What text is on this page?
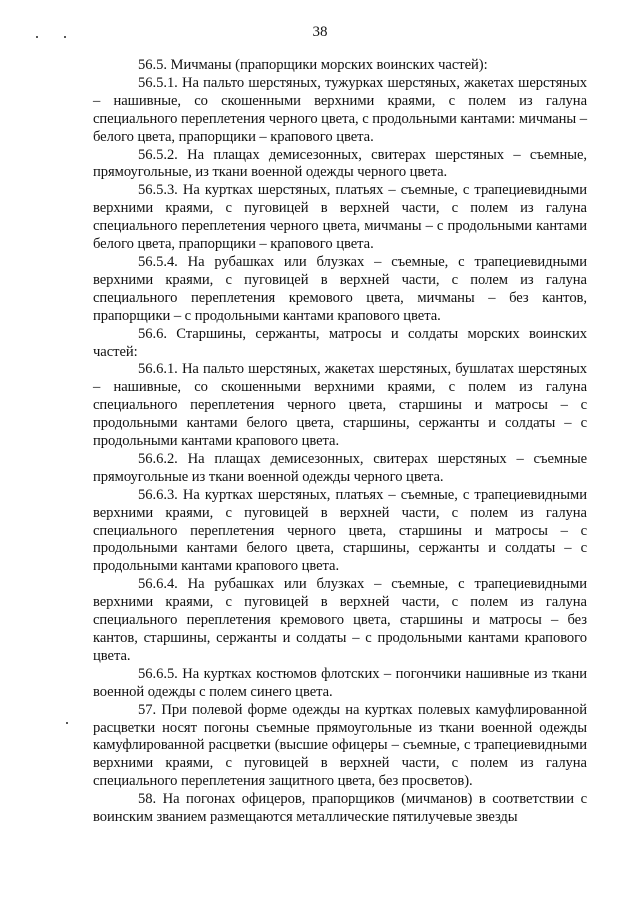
38

56.5. Мичманы (прапорщики морских воинских частей):

56.5.1. На пальто шерстяных, тужурках шерстяных, жакетах шерстяных – нашивные, со скошенными верхними краями, с полем из галуна специального переплетения черного цвета, с продольными кантами: мичманы – белого цвета, прапорщики – крапового цвета.

56.5.2. На плащах демисезонных, свитерах шерстяных – съемные, прямоугольные, из ткани военной одежды черного цвета.

56.5.3. На куртках шерстяных, платьях – съемные, с трапециевидными верхними краями, с пуговицей в верхней части, с полем из галуна специального переплетения черного цвета, мичманы – с продольными кантами белого цвета, прапорщики – крапового цвета.

56.5.4. На рубашках или блузках – съемные, с трапециевидными верхними краями, с пуговицей в верхней части, с полем из галуна специального переплетения кремового цвета, мичманы – без кантов, прапорщики – с продольными кантами крапового цвета.

56.6. Старшины, сержанты, матросы и солдаты морских воинских частей:

56.6.1. На пальто шерстяных, жакетах шерстяных, бушлатах шерстяных – нашивные, со скошенными верхними краями, с полем из галуна специального переплетения черного цвета, старшины и матросы – с продольными кантами белого цвета, старшины, сержанты и солдаты – с продольными кантами крапового цвета.

56.6.2. На плащах демисезонных, свитерах шерстяных – съемные прямоугольные из ткани военной одежды черного цвета.

56.6.3. На куртках шерстяных, платьях – съемные, с трапециевидными верхними краями, с пуговицей в верхней части, с полем из галуна специального переплетения черного цвета, старшины и матросы – с продольными кантами белого цвета, старшины, сержанты и солдаты – с продольными кантами крапового цвета.

56.6.4. На рубашках или блузках – съемные, с трапециевидными верхними краями, с пуговицей в верхней части, с полем из галуна специального переплетения кремового цвета, старшины и матросы – без кантов, старшины, сержанты и солдаты – с продольными кантами крапового цвета.

56.6.5. На куртках костюмов флотских – погончики нашивные из ткани военной одежды с полем синего цвета.

57. При полевой форме одежды на куртках полевых камуфлированной расцветки носят погоны съемные прямоугольные из ткани военной одежды камуфлированной расцветки (высшие офицеры – съемные, с трапециевидными верхними краями, с пуговицей в верхней части, с полем из галуна специального переплетения защитного цвета, без просветов).

58. На погонах офицеров, прапорщиков (мичманов) в соответствии с воинским званием размещаются металлические пятилучевые звезды
